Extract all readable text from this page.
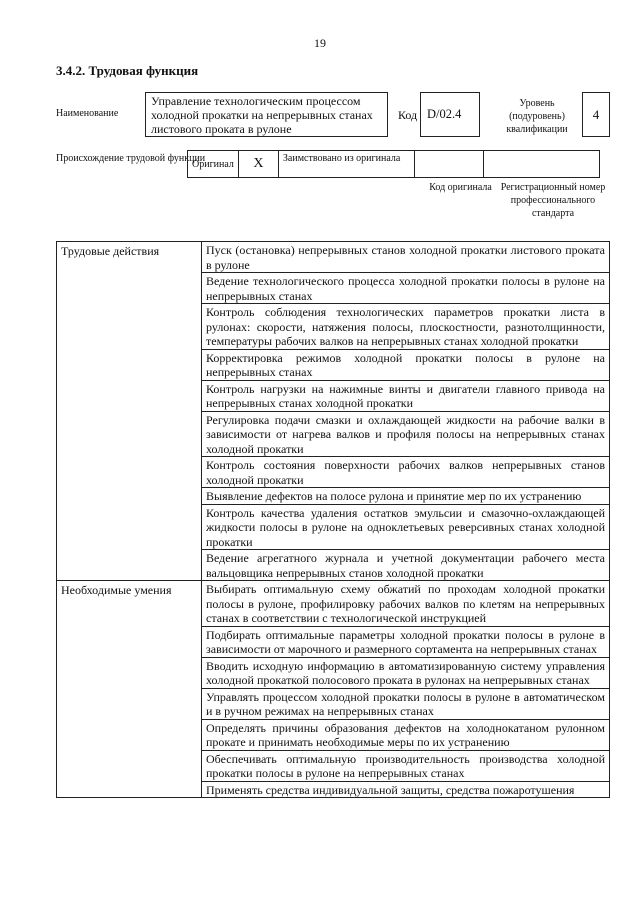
19
3.4.2. Трудовая функция
Наименование
Управление технологическим процессом холодной прокатки на непрерывных станах листового проката в рулоне
Код D/02.4
Уровень (подуровень) квалификации
4
Происхождение трудовой функции
Оригинал	X	Заимствовано из оригинала		
Код оригинала Регистрационный номер профессионального стандарта
Трудовые действия	Пуск (остановка) непрерывных станов холодной прокатки листового проката в рулоне
	Ведение технологического процесса холодной прокатки полосы в рулоне на непрерывных станах
	Контроль соблюдения технологических параметров прокатки листа в рулонах: скорости, натяжения полосы, плоскостности, разнотолщинности, температуры рабочих валков на непрерывных станах холодной прокатки
	Корректировка режимов холодной прокатки полосы в рулоне на непрерывных станах
	Контроль нагрузки на нажимные винты и двигатели главного привода на непрерывных станах холодной прокатки
	Регулировка подачи смазки и охлаждающей жидкости на рабочие валки в зависимости от нагрева валков и профиля полосы на непрерывных станах холодной прокатки
	Контроль состояния поверхности рабочих валков непрерывных станов холодной прокатки
	Выявление дефектов на полосе рулона и принятие мер по их устранению
	Контроль качества удаления остатков эмульсии и смазочно-охлаждающей жидкости полосы в рулоне на одноклетьевых реверсивных станах холодной прокатки
	Ведение агрегатного журнала и учетной документации рабочего места вальцовщика непрерывных станов холодной прокатки
Необходимые умения	Выбирать оптимальную схему обжатий по проходам холодной прокатки полосы в рулоне, профилировку рабочих валков по клетям на непрерывных станах в соответствии с технологической инструкцией
	Подбирать оптимальные параметры холодной прокатки полосы в рулоне в зависимости от марочного и размерного сортамента на непрерывных станах
	Вводить исходную информацию в автоматизированную систему управления холодной прокаткой полосового проката в рулонах на непрерывных станах
	Управлять процессом холодной прокатки полосы в рулоне в автоматическом и в ручном режимах на непрерывных станах
	Определять причины образования дефектов на холоднокатаном рулонном прокате и принимать необходимые меры по их устранению
	Обеспечивать оптимальную производительность производства холодной прокатки полосы в рулоне на непрерывных станах
	Применять средства индивидуальной защиты, средства пожаротушения
